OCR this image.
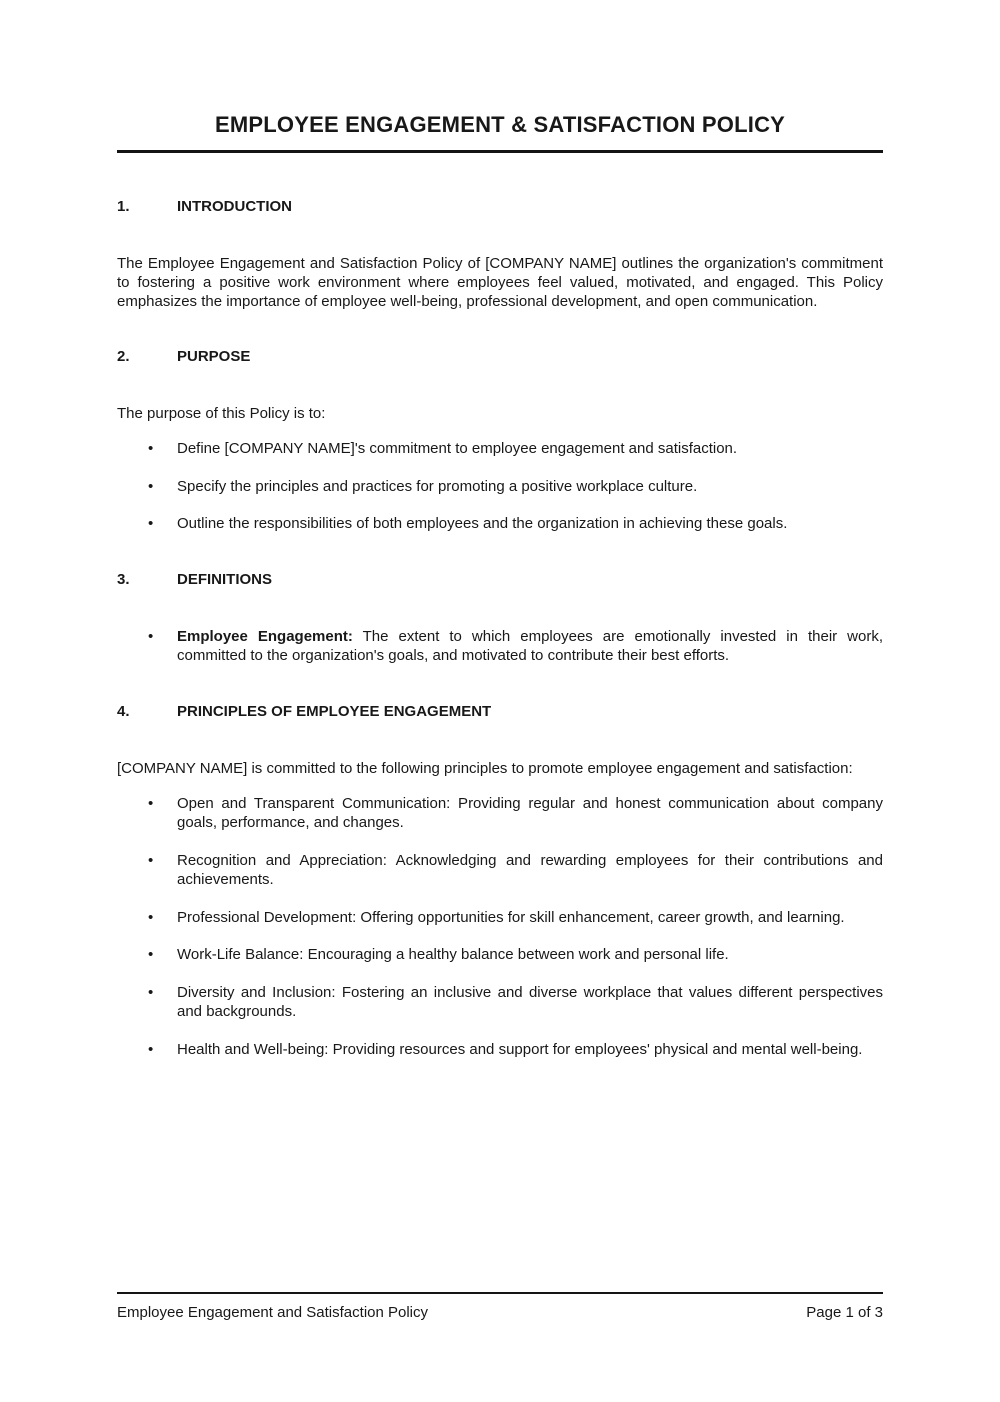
EMPLOYEE ENGAGEMENT & SATISFACTION POLICY
1.	INTRODUCTION

The Employee Engagement and Satisfaction Policy of [COMPANY NAME] outlines the organization's commitment to fostering a positive work environment where employees feel valued, motivated, and engaged. This Policy emphasizes the importance of employee well-being, professional development, and open communication.

2.	PURPOSE

The purpose of this Policy is to:

•	Define [COMPANY NAME]'s commitment to employee engagement and satisfaction.
•	Specify the principles and practices for promoting a positive workplace culture.
•	Outline the responsibilities of both employees and the organization in achieving these goals.
3.	DEFINITIONS
•	Employee Engagement: The extent to which employees are emotionally invested in their work, committed to the organization's goals, and motivated to contribute their best efforts.
4.	PRINCIPLES OF EMPLOYEE ENGAGEMENT

[COMPANY NAME] is committed to the following principles to promote employee engagement and satisfaction:

•	Open and Transparent Communication: Providing regular and honest communication about company goals, performance, and changes.
•	Recognition and Appreciation: Acknowledging and rewarding employees for their contributions and achievements.
•	Professional Development: Offering opportunities for skill enhancement, career growth, and learning.
•	Work-Life Balance: Encouraging a healthy balance between work and personal life.
•	Diversity and Inclusion: Fostering an inclusive and diverse workplace that values different perspectives and backgrounds.
•	Health and Well-being: Providing resources and support for employees' physical and mental well-being.
Employee Engagement and Satisfaction Policy	Page 1 of 3
